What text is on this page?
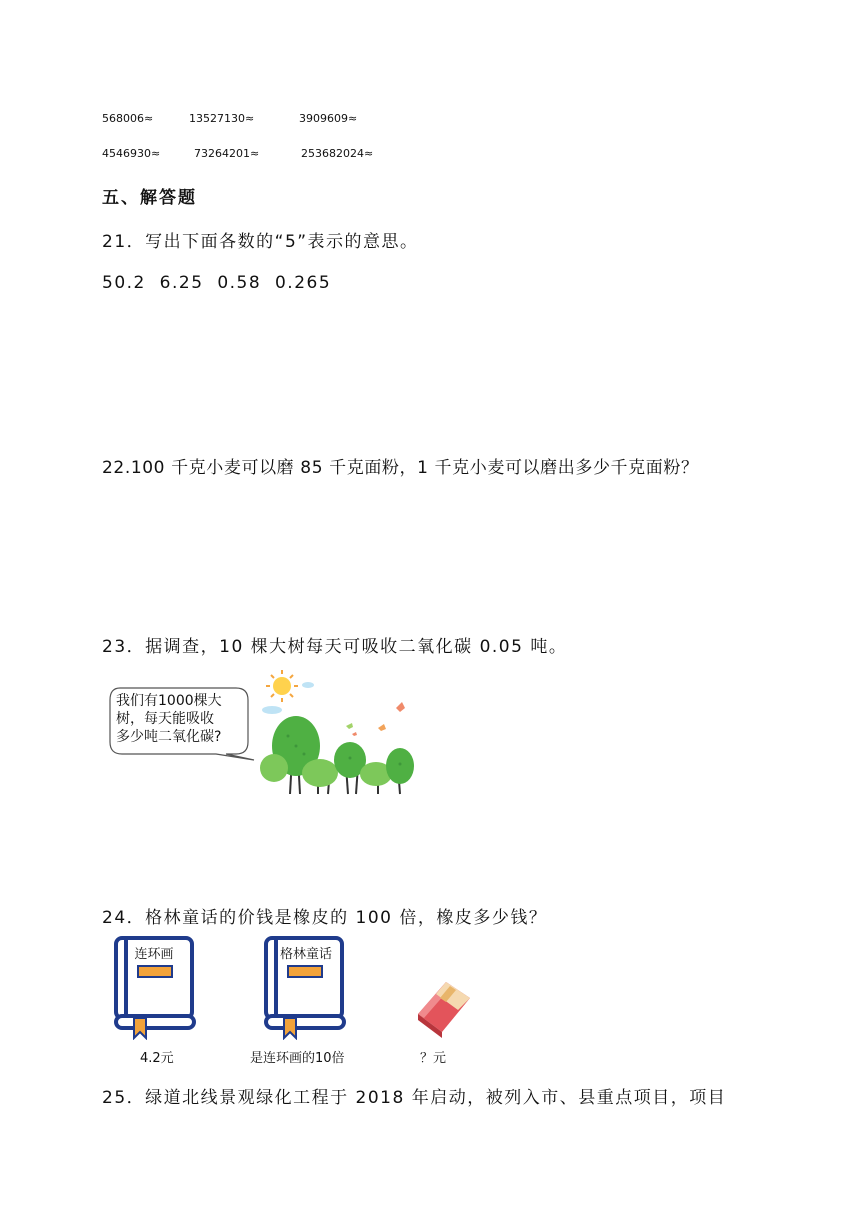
568006≈	13527130≈	3909609≈
4546930≈	73264201≈	253682024≈
五、解答题
21．写出下面各数的“5”表示的意思。
50.2  6.25  0.58  0.265
22.100 千克小麦可以磨 85 千克面粉，1 千克小麦可以磨出多少千克面粉？
23．据调查，10 棵大树每天可吸收二氧化碳 0.05 吨。
我们有1000棵大
树，每天能吸收
多少吨二氧化碳?
24．格林童话的价钱是橡皮的 100 倍，橡皮多少钱？
连环画
4.2元
格林童话
是连环画的10倍	？元
25．绿道北线景观绿化工程于 2018 年启动，被列入市、县重点项目，项目
